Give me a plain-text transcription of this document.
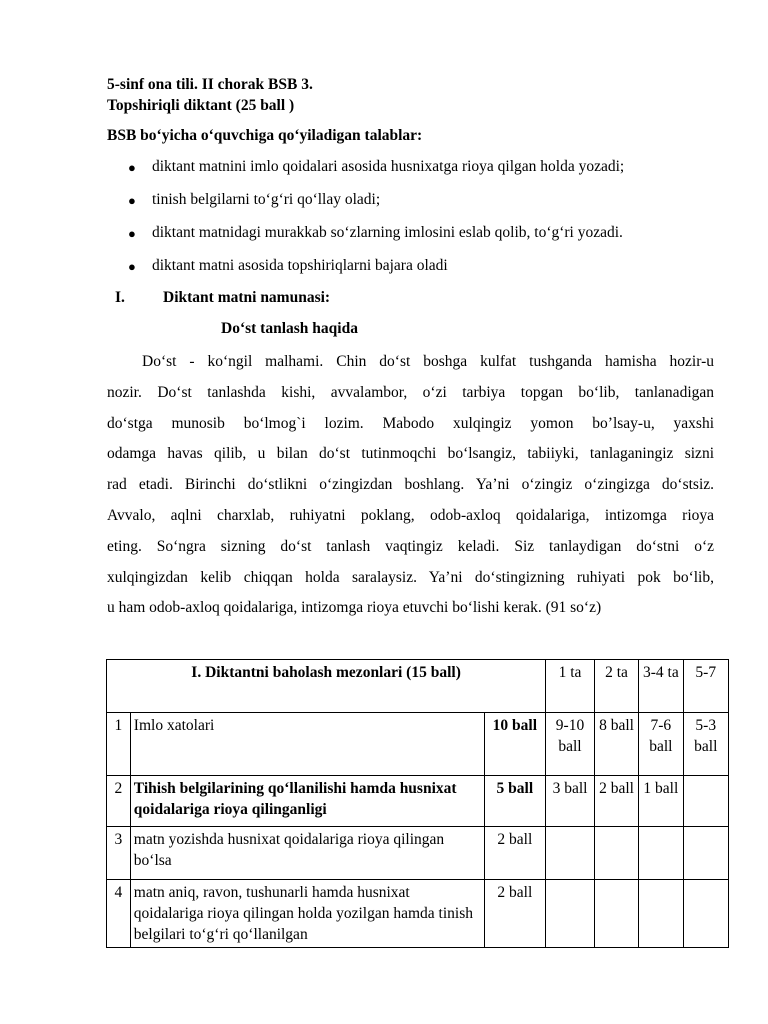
5-sinf ona tili. II chorak BSB 3.
Topshiriqli diktant (25 ball )
BSB bo‘yicha o‘quvchiga qo‘yiladigan talablar:
●	diktant matnini imlo qoidalari asosida husnixatga rioya qilgan holda yozadi;
●	tinish belgilarni to‘g‘ri qo‘llay oladi;
●	diktant matnidagi murakkab so‘zlarning imlosini eslab qolib, to‘g‘ri yozadi.
●	diktant matni asosida topshiriqlarni bajara oladi
I. Diktant matni namunasi:
Do‘st tanlash haqida

Do‘st - ko‘ngil malhami. Chin do‘st boshga kulfat tushganda hamisha hozir-u
nozir. Do‘st tanlashda kishi, avvalambor, o‘zi tarbiya topgan bo‘lib, tanlanadigan
do‘stga munosib bo‘lmog`i lozim. Mabodo xulqingiz yomon bo’lsay-u, yaxshi
odamga havas qilib, u bilan do‘st tutinmoqchi bo‘lsangiz, tabiiyki, tanlaganingiz sizni
rad etadi. Birinchi do‘stlikni o‘zingizdan boshlang. Ya’ni o‘zingiz o‘zingizga do‘stsiz.
Avvalo, aqlni charxlab, ruhiyatni poklang, odob-axloq qoidalariga, intizomga rioya
eting. So‘ngra sizning do‘st tanlash vaqtingiz keladi. Siz tanlaydigan do‘stni o‘z
xulqingizdan kelib chiqqan holda saralaysiz. Ya’ni do‘stingizning ruhiyati pok bo‘lib,
u ham odob-axloq qoidalariga, intizomga rioya etuvchi bo‘lishi kerak. (91 so‘z)

I. Diktantni baholash mezonlari (15 ball)			1 ta	2 ta	3-4 ta	5-7
1	Imlo xatolari	10 ball	9-10 ball	8 ball	7-6 ball	5-3 ball
2	Tihish belgilarining qo‘llanilishi hamda husnixat qoidalariga rioya qilinganligi	5 ball	3 ball	2 ball	1 ball	
3	matn yozishda husnixat qoidalariga rioya qilingan bo‘lsa	2 ball				
4	matn aniq, ravon, tushunarli hamda husnixat qoidalariga rioya qilingan holda yozilgan hamda tinish belgilari to‘g‘ri qo‘llanilgan	2 ball				
